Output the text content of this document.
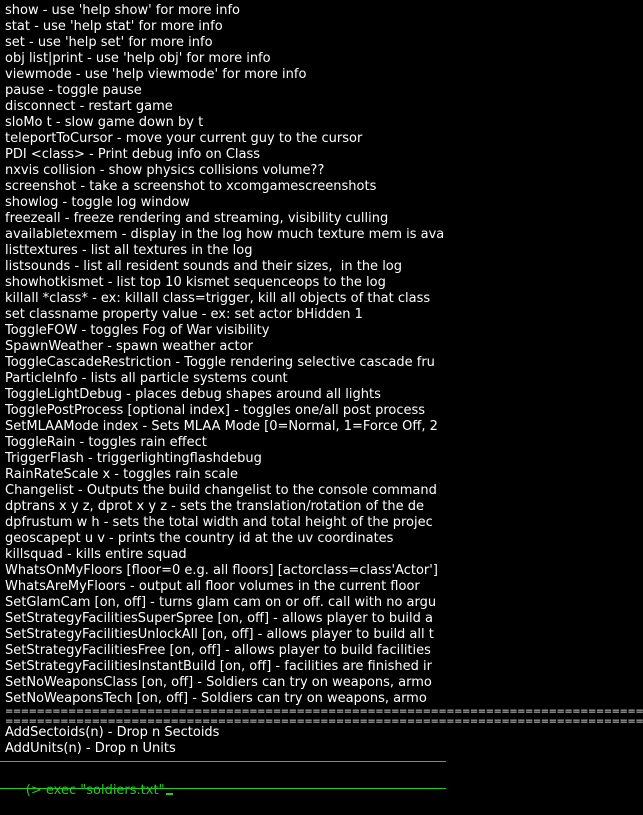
show - use 'help show' for more info
stat - use 'help stat' for more info
set - use 'help set' for more info
obj list|print - use 'help obj' for more info
viewmode - use 'help viewmode' for more info
pause - toggle pause
disconnect - restart game
sloMo t - slow game down by t
teleportToCursor - move your current guy to the cursor
PDI <class> - Print debug info on Class
nxvis collision - show physics collisions volume??
screenshot - take a screenshot to xcomgamescreenshots
showlog - toggle log window
freezeall - freeze rendering and streaming, visibility culling
availabletexmem - display in the log how much texture mem is ava
listtextures - list all textures in the log
listsounds - list all resident sounds and their sizes,  in the log
showhotkismet - list top 10 kismet sequenceops to the log
killall *class* - ex: killall class=trigger, kill all objects of that class
set classname property value - ex: set actor bHidden 1
ToggleFOW - toggles Fog of War visibility
SpawnWeather - spawn weather actor
ToggleCascadeRestriction - Toggle rendering selective cascade fru
ParticleInfo - lists all particle systems count
ToggleLightDebug - places debug shapes around all lights
TogglePostProcess [optional index] - toggles one/all post process
SetMLAAMode index - Sets MLAA Mode [0=Normal, 1=Force Off, 2
ToggleRain - toggles rain effect
TriggerFlash - triggerlightingflashdebug
RainRateScale x - toggles rain scale
Changelist - Outputs the build changelist to the console command
dptrans x y z, dprot x y z - sets the translation/rotation of the de
dpfrustum w h - sets the total width and total height of the projec
geoscapept u v - prints the country id at the uv coordinates
killsquad - kills entire squad
WhatsOnMyFloors [floor=0 e.g. all floors] [actorclass=class'Actor']
WhatsAreMyFloors - output all floor volumes in the current floor
SetGlamCam [on, off] - turns glam cam on or off. call with no argu
SetStrategyFacilitiesSuperSpree [on, off] - allows player to build a
SetStrategyFacilitiesUnlockAll [on, off] - allows player to build all t
SetStrategyFacilitiesFree [on, off] - allows player to build facilities
SetStrategyFacilitiesInstantBuild [on, off] - facilities are finished ir
SetNoWeaponsClass [on, off] - Soldiers can try on weapons, armo
SetNoWeaponsTech [on, off] - Soldiers can try on weapons, armo
=================================================================================
=================================================================================
AddSectoids(n) - Drop n Sectoids
AddUnits(n) - Drop n Units

(> exec "soldiers.txt"
